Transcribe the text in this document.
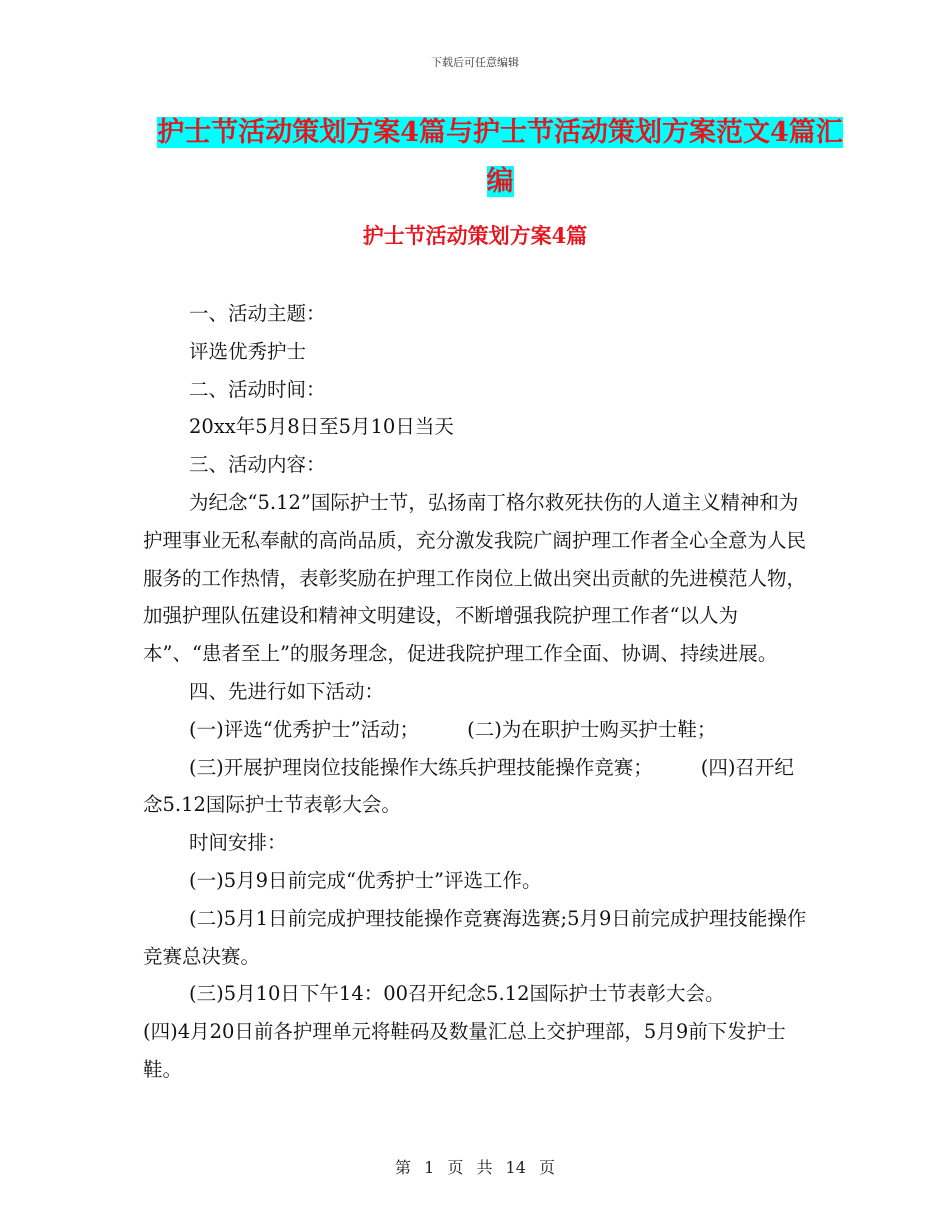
下载后可任意编辑
护士节活动策划方案4篇与护士节活动策划方案范文4篇汇编
护士节活动策划方案4篇

一、活动主题：

评选优秀护士

二、活动时间：

20xx年5月8日至5月10日当天

三、活动内容：

为纪念“5.12”国际护士节，弘扬南丁格尔救死扶伤的人道主义精神和为护理事业无私奉献的高尚品质，充分激发我院广阔护理工作者全心全意为人民服务的工作热情，表彰奖励在护理工作岗位上做出突出贡献的先进模范人物，加强护理队伍建设和精神文明建设，不断增强我院护理工作者“以人为本”、“患者至上”的服务理念，促进我院护理工作全面、协调、持续进展。

四、先进行如下活动：

(一)评选“优秀护士”活动； (二)为在职护士购买护士鞋；

(三)开展护理岗位技能操作大练兵护理技能操作竞赛； (四)召开纪念5.12国际护士节表彰大会。

时间安排：

(一)5月9日前完成“优秀护士”评选工作。

(二)5月1日前完成护理技能操作竞赛海选赛;5月9日前完成护理技能操作竞赛总决赛。

(三)5月10日下午14：00召开纪念5.12国际护士节表彰大会。

(四)4月20日前各护理单元将鞋码及数量汇总上交护理部，5月9前下发护士鞋。

第 1 页 共 14 页
